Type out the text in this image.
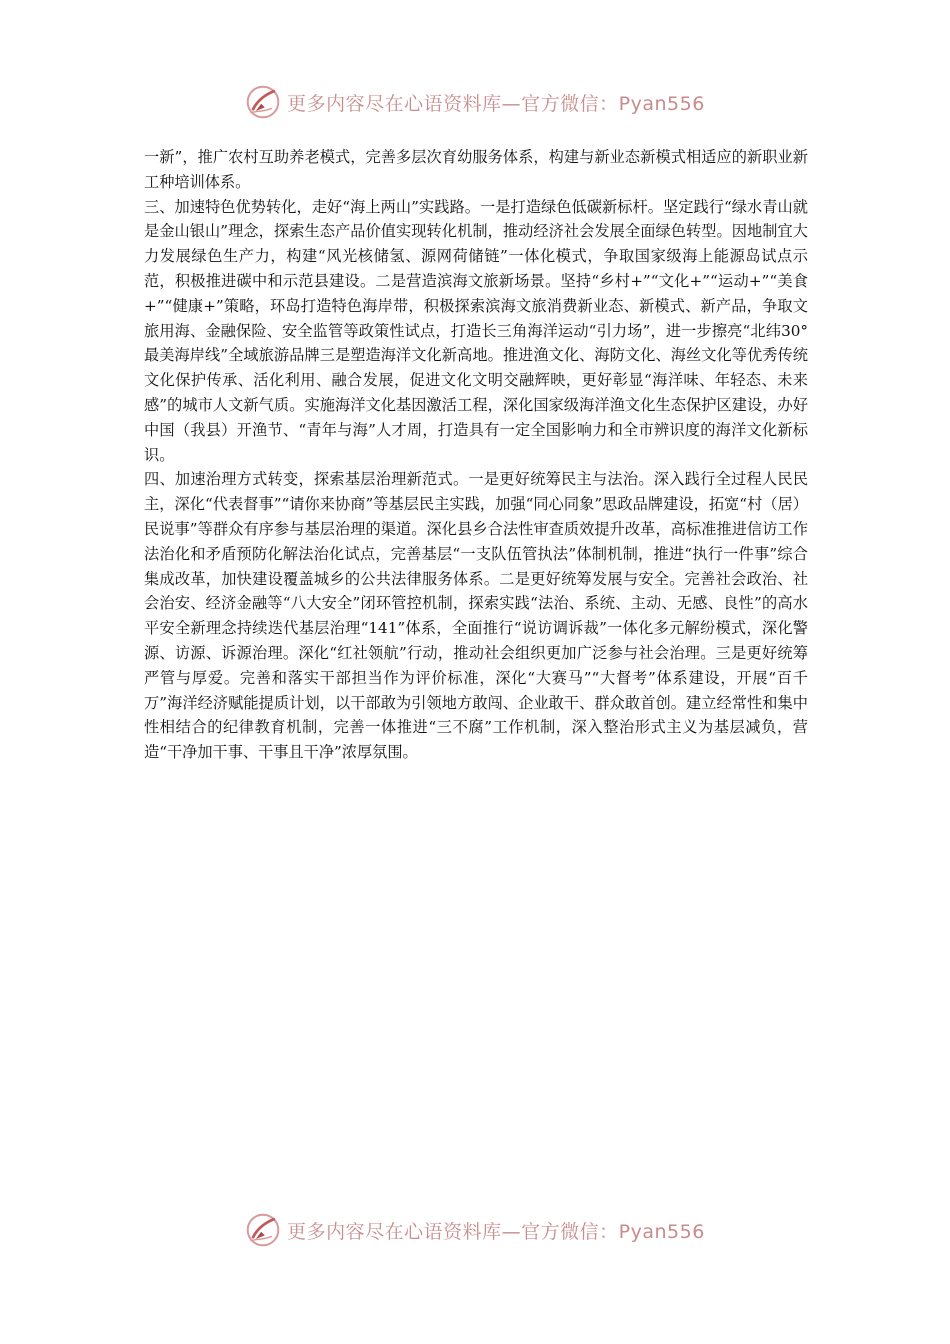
更多内容尽在心语资料库—官方微信：Pyan556

一新”，推广农村互助养老模式，完善多层次育幼服务体系，构建与新业态新模式相适应的新职业新工种培训体系。

三、加速特色优势转化，走好“海上两山”实践路。一是打造绿色低碳新标杆。坚定践行“绿水青山就是金山银山”理念，探索生态产品价值实现转化机制，推动经济社会发展全面绿色转型。因地制宜大力发展绿色生产力，构建“风光核储氢、源网荷储链”一体化模式，争取国家级海上能源岛试点示范，积极推进碳中和示范县建设。二是营造滨海文旅新场景。坚持“乡村+”“文化+”“运动+”“美食+”“健康+”策略，环岛打造特色海岸带，积极探索滨海文旅消费新业态、新模式、新产品，争取文旅用海、金融保险、安全监管等政策性试点，打造长三角海洋运动“引力场”，进一步擦亮“北纬30°最美海岸线”全域旅游品牌三是塑造海洋文化新高地。推进渔文化、海防文化、海丝文化等优秀传统文化保护传承、活化利用、融合发展，促进文化文明交融辉映，更好彰显“海洋味、年轻态、未来感”的城市人文新气质。实施海洋文化基因激活工程，深化国家级海洋渔文化生态保护区建设，办好中国（我县）开渔节、“青年与海”人才周，打造具有一定全国影响力和全市辨识度的海洋文化新标识。

四、加速治理方式转变，探索基层治理新范式。一是更好统筹民主与法治。深入践行全过程人民民主，深化“代表督事”“请你来协商”等基层民主实践，加强“同心同象”思政品牌建设，拓宽“村（居）民说事”等群众有序参与基层治理的渠道。深化县乡合法性审查质效提升改革，高标准推进信访工作法治化和矛盾预防化解法治化试点，完善基层“一支队伍管执法”体制机制，推进“执行一件事”综合集成改革，加快建设覆盖城乡的公共法律服务体系。二是更好统筹发展与安全。完善社会政治、社会治安、经济金融等“八大安全”闭环管控机制，探索实践“法治、系统、主动、无感、良性”的高水平安全新理念持续迭代基层治理“141”体系，全面推行“说访调诉裁”一体化多元解纷模式，深化警源、访源、诉源治理。深化“红社领航”行动，推动社会组织更加广泛参与社会治理。三是更好统筹严管与厚爱。完善和落实干部担当作为评价标准，深化“大赛马”“大督考”体系建设，开展“百千万”海洋经济赋能提质计划，以干部敢为引领地方敢闯、企业敢干、群众敢首创。建立经常性和集中性相结合的纪律教育机制，完善一体推进“三不腐”工作机制，深入整治形式主义为基层减负，营造“干净加干事、干事且干净”浓厚氛围。

更多内容尽在心语资料库—官方微信：Pyan556
